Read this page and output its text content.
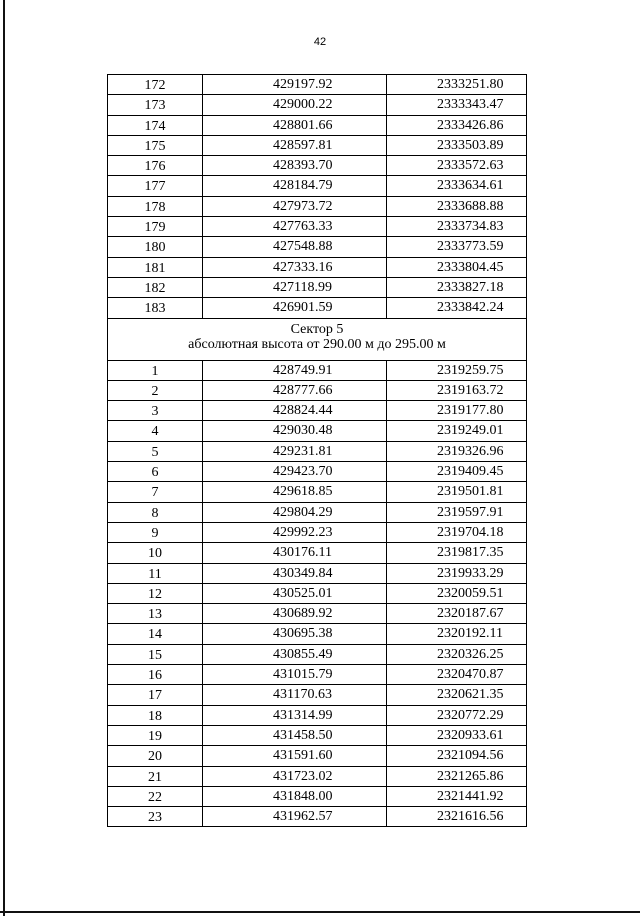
42
172	429197.92	2333251.80
173	429000.22	2333343.47
174	428801.66	2333426.86
175	428597.81	2333503.89
176	428393.70	2333572.63
177	428184.79	2333634.61
178	427973.72	2333688.88
179	427763.33	2333734.83
180	427548.88	2333773.59
181	427333.16	2333804.45
182	427118.99	2333827.18
183	426901.59	2333842.24
Сектор 5
абсолютная высота от 290.00 м до 295.00 м
1	428749.91	2319259.75
2	428777.66	2319163.72
3	428824.44	2319177.80
4	429030.48	2319249.01
5	429231.81	2319326.96
6	429423.70	2319409.45
7	429618.85	2319501.81
8	429804.29	2319597.91
9	429992.23	2319704.18
10	430176.11	2319817.35
11	430349.84	2319933.29
12	430525.01	2320059.51
13	430689.92	2320187.67
14	430695.38	2320192.11
15	430855.49	2320326.25
16	431015.79	2320470.87
17	431170.63	2320621.35
18	431314.99	2320772.29
19	431458.50	2320933.61
20	431591.60	2321094.56
21	431723.02	2321265.86
22	431848.00	2321441.92
23	431962.57	2321616.56
